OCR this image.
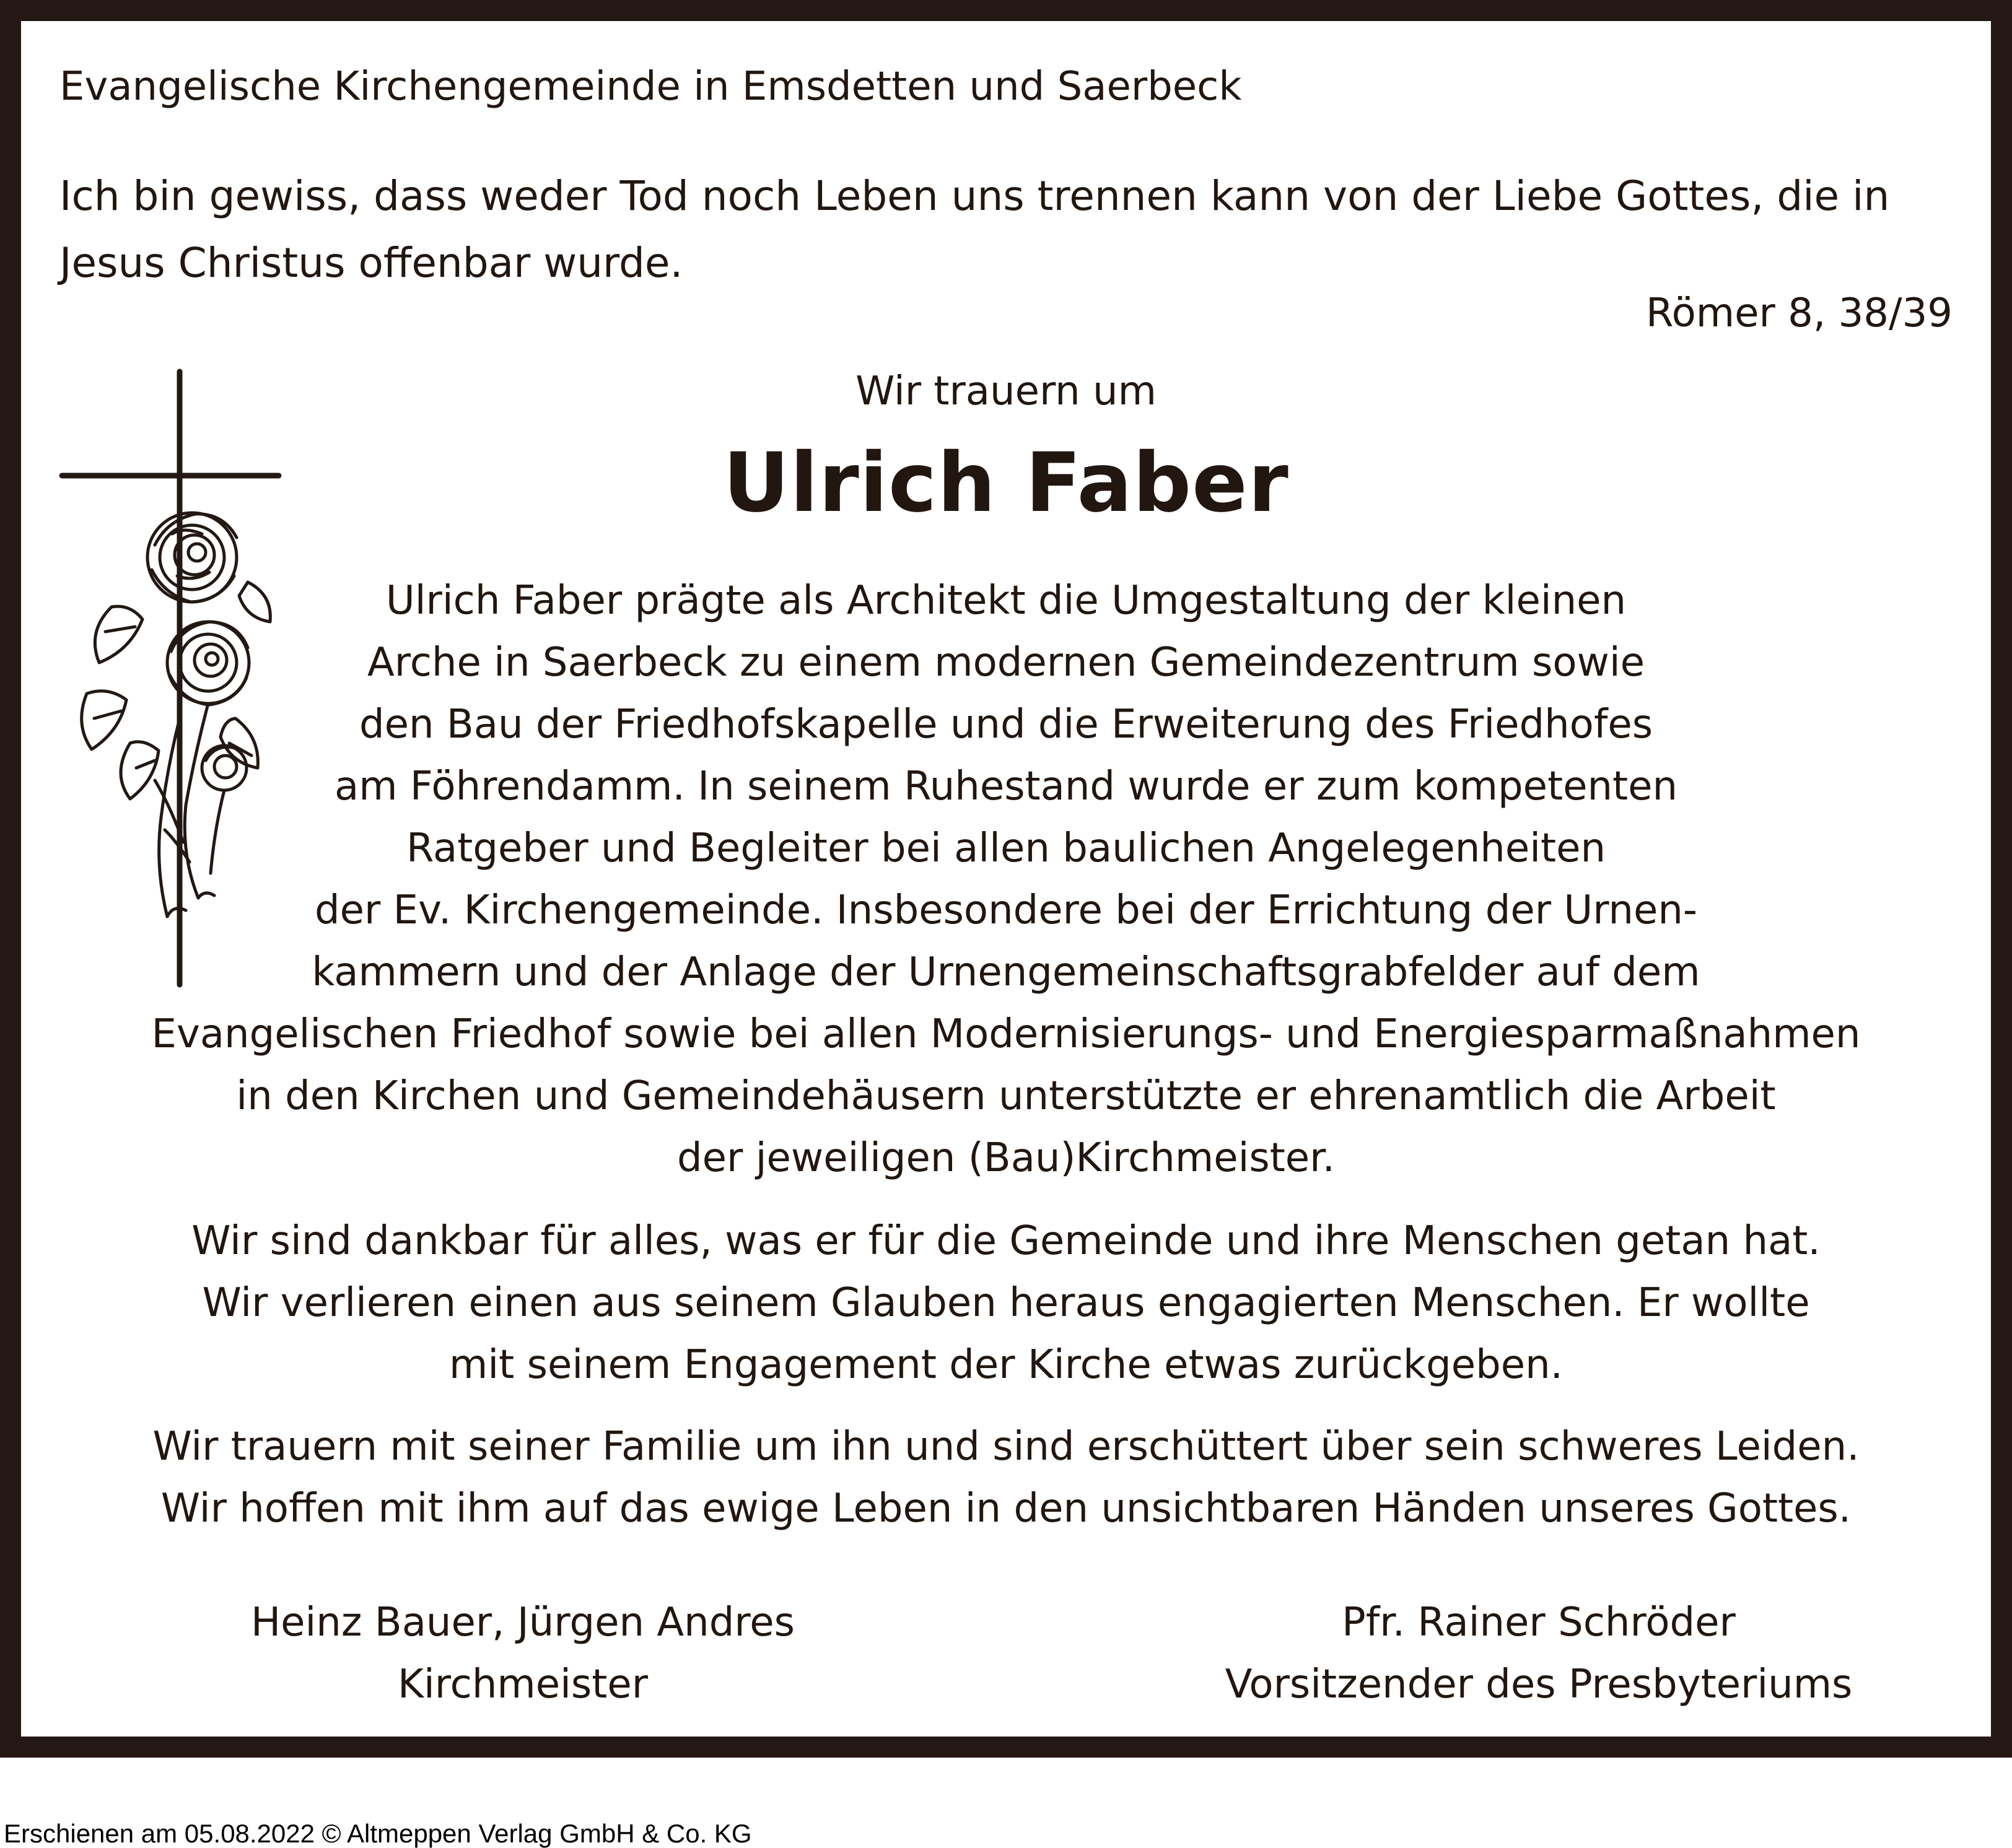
Evangelische Kirchengemeinde in Emsdetten und Saerbeck

Ich bin gewiss, dass weder Tod noch Leben uns trennen kann von der Liebe Gottes, die in

Jesus Christus offenbar wurde.

Römer 8, 38/39

Wir trauern um

Ulrich Faber

Ulrich Faber prägte als Architekt die Umgestaltung der kleinen

Arche in Saerbeck zu einem modernen Gemeindezentrum sowie

den Bau der Friedhofskapelle und die Erweiterung des Friedhofes

am Föhrendamm. In seinem Ruhestand wurde er zum kompetenten

Ratgeber und Begleiter bei allen baulichen Angelegenheiten

der Ev. Kirchengemeinde. Insbesondere bei der Errichtung der Urnen-

kammern und der Anlage der Urnengemeinschaftsgrabfelder auf dem

Evangelischen Friedhof sowie bei allen Modernisierungs- und Energiesparmaßnahmen

in den Kirchen und Gemeindehäusern unterstützte er ehrenamtlich die Arbeit

der jeweiligen (Bau)Kirchmeister.

Wir sind dankbar für alles, was er für die Gemeinde und ihre Menschen getan hat.

Wir verlieren einen aus seinem Glauben heraus engagierten Menschen. Er wollte

mit seinem Engagement der Kirche etwas zurückgeben.

Wir trauern mit seiner Familie um ihn und sind erschüttert über sein schweres Leiden.

Wir hoffen mit ihm auf das ewige Leben in den unsichtbaren Händen unseres Gottes.

Heinz Bauer, Jürgen Andres

Kirchmeister

Pfr. Rainer Schröder

Vorsitzender des Presbyteriums

Erschienen am 05.08.2022 © Altmeppen Verlag GmbH & Co. KG
